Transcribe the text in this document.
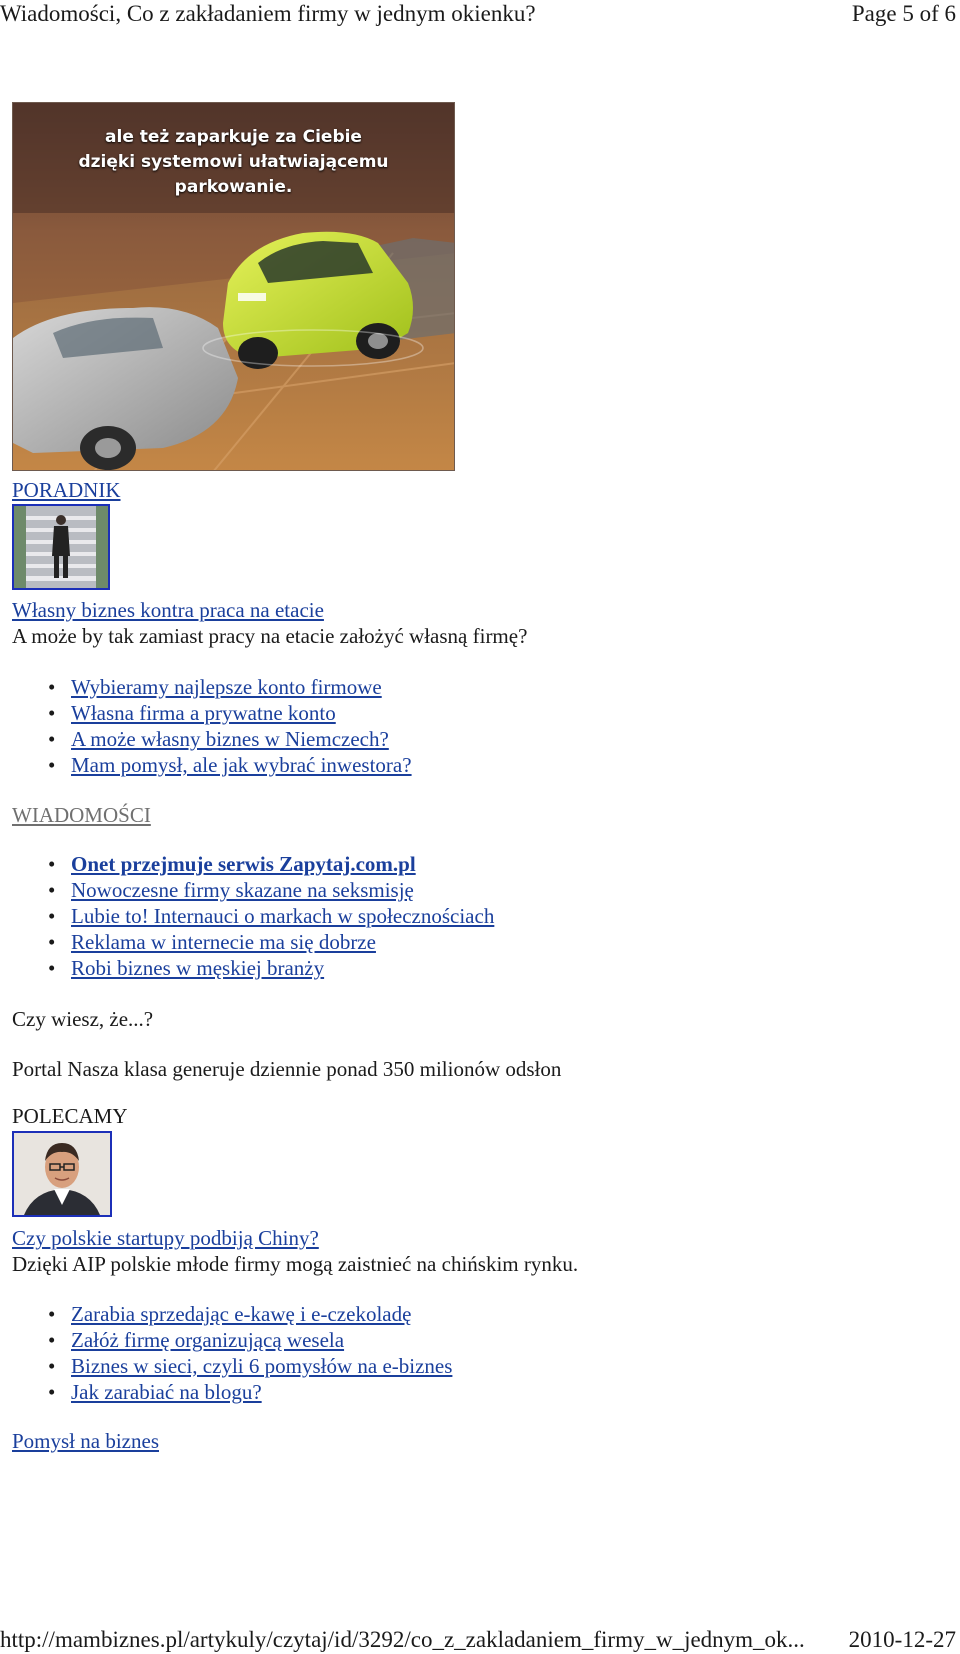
Wiadomości, Co z zakładaniem firmy w jednym okienku?	Page 5 of 6
ale też zaparkuje za Ciebie
dzięki systemowi ułatwiającemu
parkowanie.
PORADNIK
Własny biznes kontra praca na etacie
A może by tak zamiast pracy na etacie założyć własną firmę?
• Wybieramy najlepsze konto firmowe
• Własna firma a prywatne konto
• A może własny biznes w Niemczech?
• Mam pomysł, ale jak wybrać inwestora?
WIADOMOŚCI
• Onet przejmuje serwis Zapytaj.com.pl
• Nowoczesne firmy skazane na seksmisję
• Lubie to! Internauci o markach w społecznościach
• Reklama w internecie ma się dobrze
• Robi biznes w męskiej branży
Czy wiesz, że...?
Portal Nasza klasa generuje dziennie ponad 350 milionów odsłon
POLECAMY
Czy polskie startupy podbiją Chiny?
Dzięki AIP polskie młode firmy mogą zaistnieć na chińskim rynku.
• Zarabia sprzedając e-kawę i e-czekoladę
• Załóż firmę organizującą wesela
• Biznes w sieci, czyli 6 pomysłów na e-biznes
• Jak zarabiać na blogu?
Pomysł na biznes
http://mambiznes.pl/artykuly/czytaj/id/3292/co_z_zakladaniem_firmy_w_jednym_ok... 2010-12-27
